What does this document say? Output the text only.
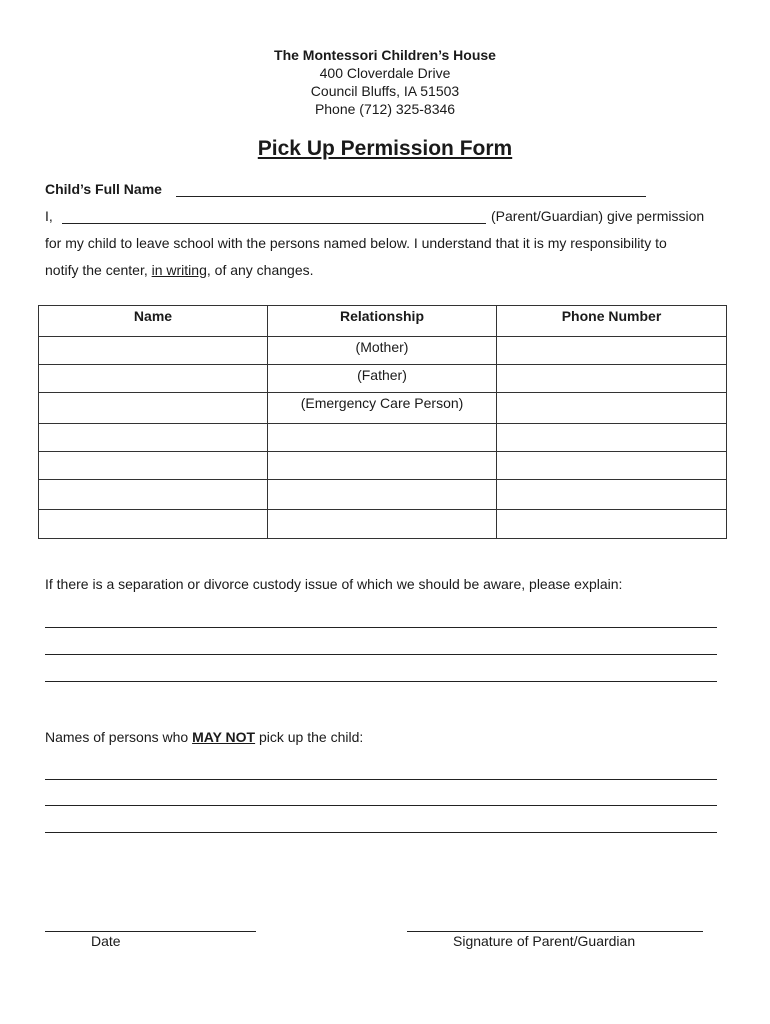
The Montessori Children’s House
400 Cloverdale Drive
Council Bluffs, IA 51503
Phone (712) 325-8346
Pick Up Permission Form
Child’s Full Name
I,	(Parent/Guardian) give permission
for my child to leave school with the persons named below. I understand that it is my responsibility to
notify the center, in writing, of any changes.
Name	Relationship	Phone Number
	(Mother)	
	(Father)	
	(Emergency Care Person)	

If there is a separation or divorce custody issue of which we should be aware, please explain:
Names of persons who MAY NOT pick up the child:
Date	Signature of Parent/Guardian
